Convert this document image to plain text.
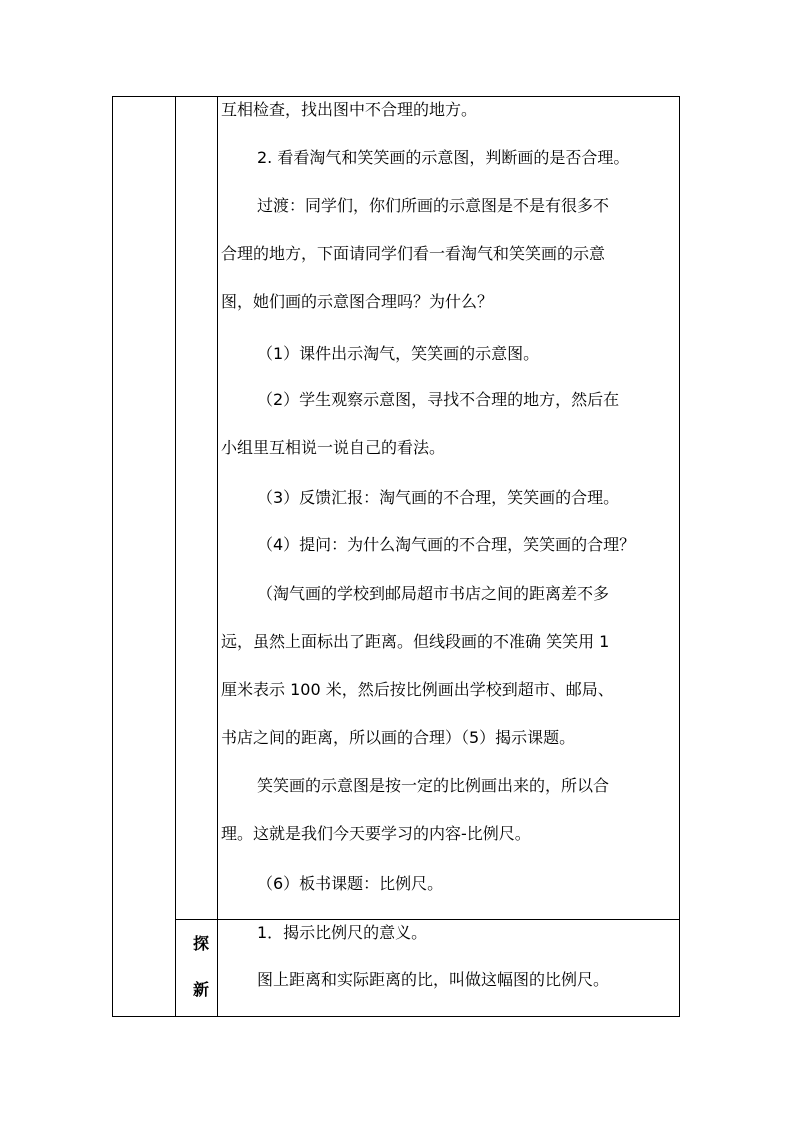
探
新
互相检查，找出图中不合理的地方。
2. 看看淘气和笑笑画的示意图，判断画的是否合理。
过渡：同学们，你们所画的示意图是不是有很多不
合理的地方，下面请同学们看一看淘气和笑笑画的示意
图，她们画的示意图合理吗？为什么？
（1）课件出示淘气，笑笑画的示意图。
（2）学生观察示意图，寻找不合理的地方，然后在
小组里互相说一说自己的看法。
（3）反馈汇报：淘气画的不合理，笑笑画的合理。
（4）提问：为什么淘气画的不合理，笑笑画的合理？
（淘气画的学校到邮局超市书店之间的距离差不多
远，虽然上面标出了距离。但线段画的不准确 笑笑用 1
厘米表示 100 米，然后按比例画出学校到超市、邮局、
书店之间的距离，所以画的合理）（5）揭示课题。
笑笑画的示意图是按一定的比例画出来的，所以合
理。这就是我们今天要学习的内容-比例尺。
（6）板书课题：比例尺。
1．揭示比例尺的意义。
图上距离和实际距离的比，叫做这幅图的比例尺。
